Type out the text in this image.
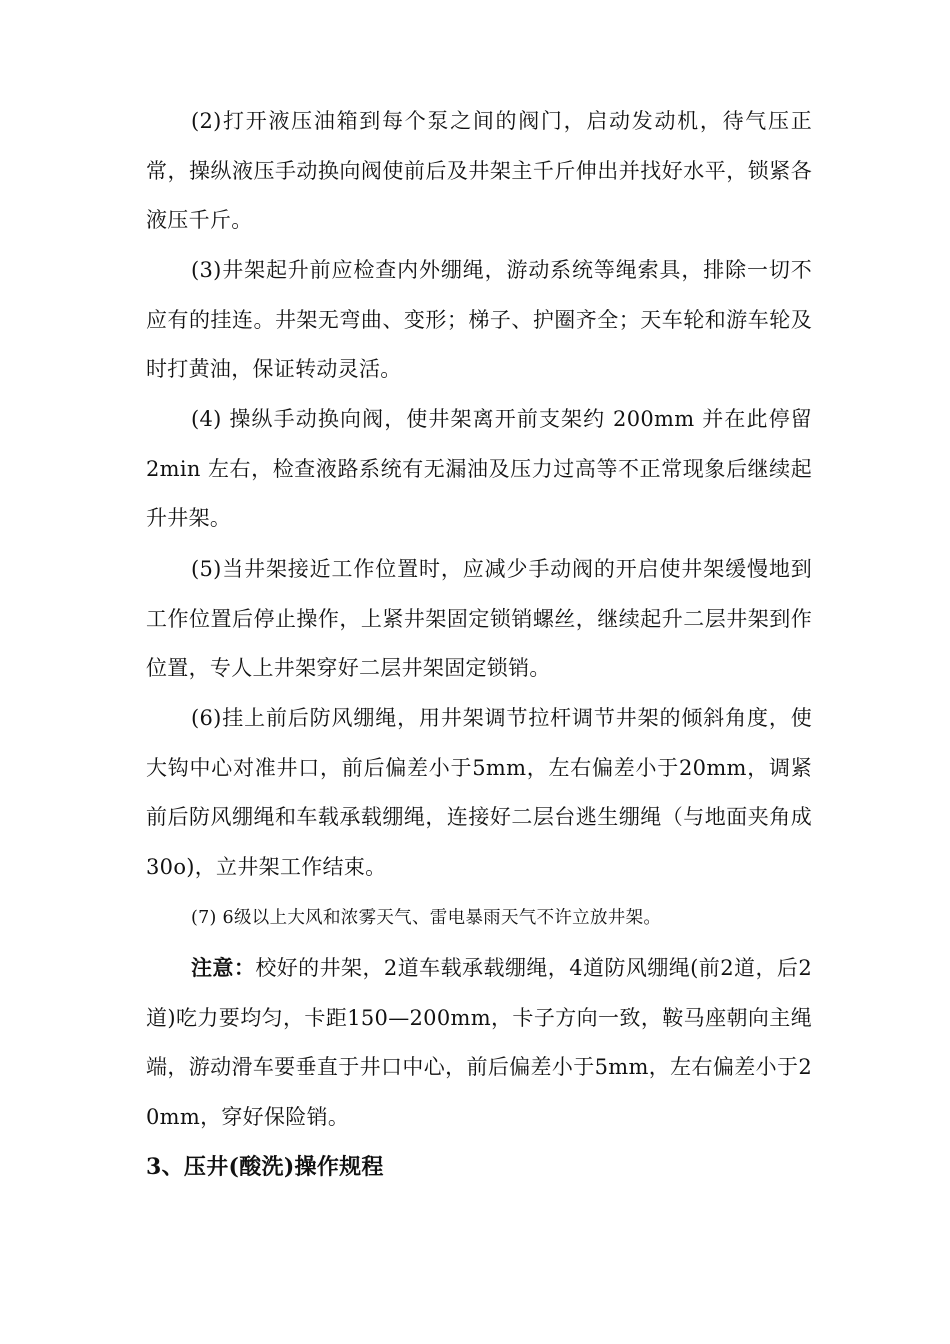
(2)打开液压油箱到每个泵之间的阀门，启动发动机，待气压正常，操纵液压手动换向阀使前后及井架主千斤伸出并找好水平，锁紧各液压千斤。

(3)井架起升前应检查内外绷绳，游动系统等绳索具，排除一切不应有的挂连。井架无弯曲、变形；梯子、护圈齐全；天车轮和游车轮及时打黄油，保证转动灵活。

(4) 操纵手动换向阀，使井架离开前支架约 200mm 并在此停留 2min 左右，检查液路系统有无漏油及压力过高等不正常现象后继续起升井架。

(5)当井架接近工作位置时，应减少手动阀的开启使井架缓慢地到工作位置后停止操作，上紧井架固定锁销螺丝，继续起升二层井架到作位置，专人上井架穿好二层井架固定锁销。

(6)挂上前后防风绷绳，用井架调节拉杆调节井架的倾斜角度，使大钩中心对准井口，前后偏差小于5mm，左右偏差小于20mm，调紧前后防风绷绳和车载承载绷绳，连接好二层台逃生绷绳（与地面夹角成 30o)，立井架工作结束。

(7) 6级以上大风和浓雾天气、雷电暴雨天气不许立放井架。

注意：校好的井架，2道车载承载绷绳，4道防风绷绳(前2道，后2道)吃力要均匀，卡距150—200mm，卡子方向一致，鞍马座朝向主绳端，游动滑车要垂直于井口中心，前后偏差小于5mm，左右偏差小于20mm，穿好保险销。

3、压井(酸洗)操作规程
